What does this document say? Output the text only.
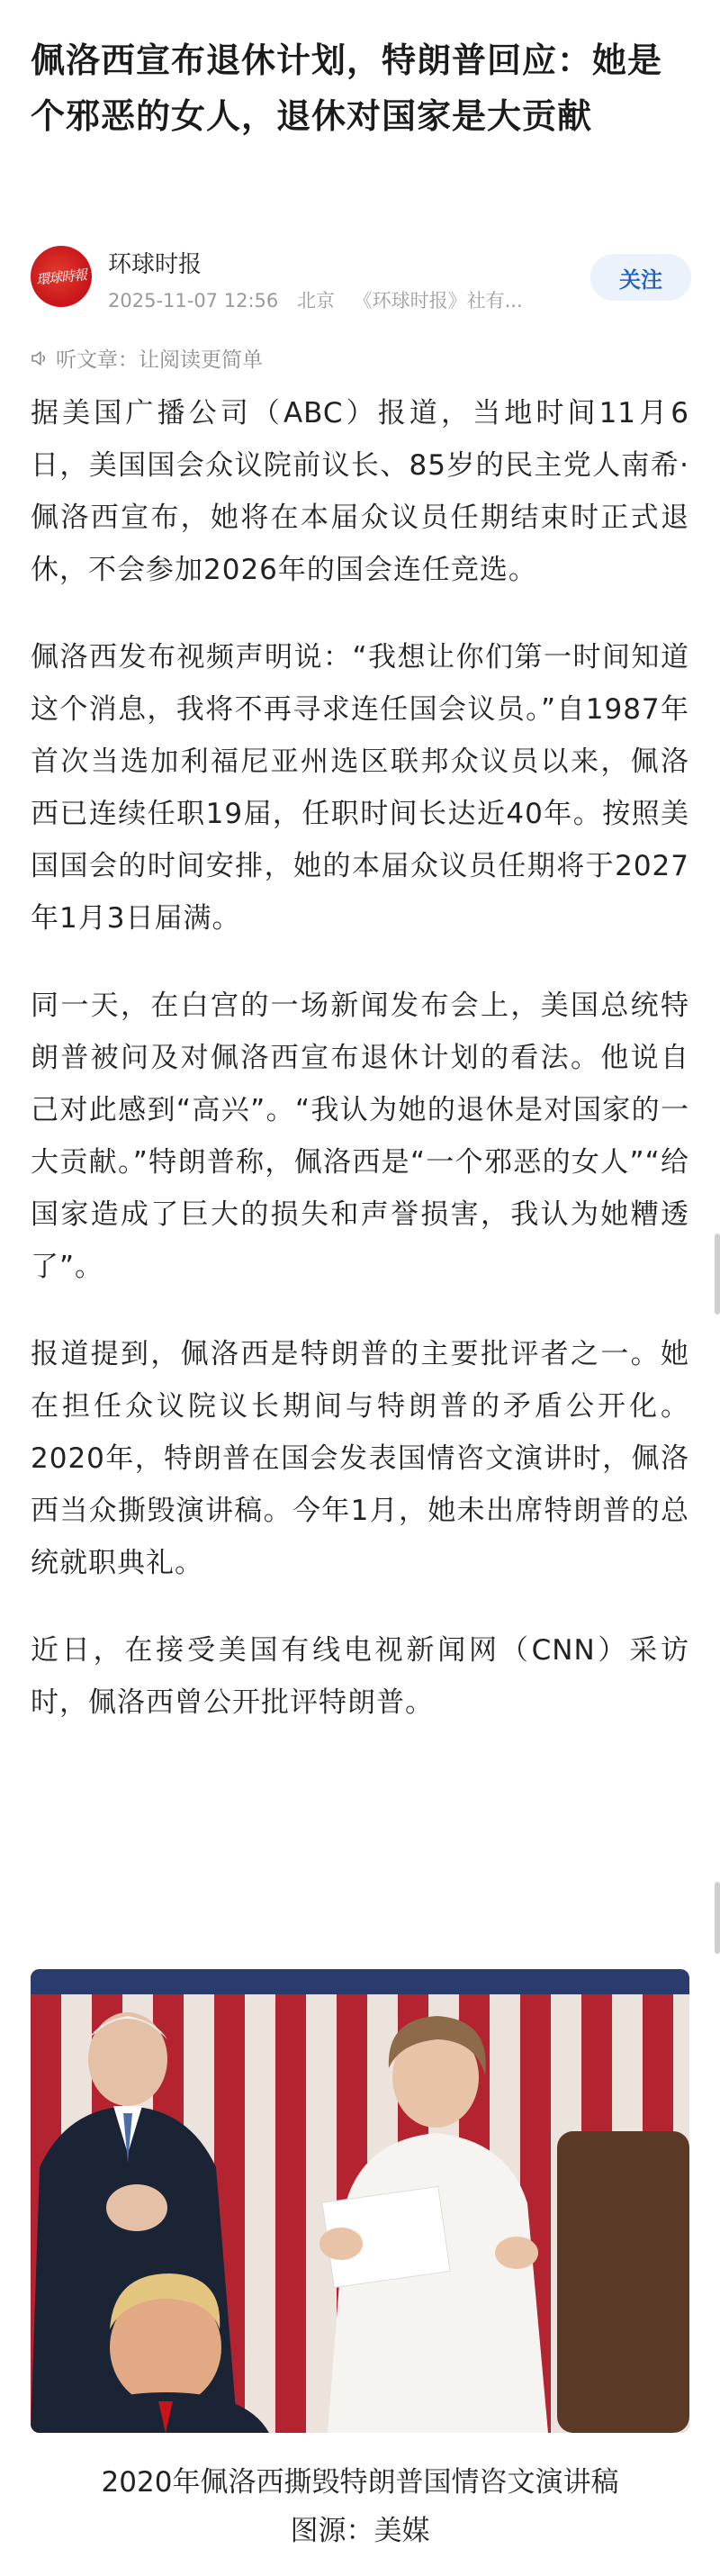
佩洛西宣布退休计划，特朗普回应：她是个邪恶的女人，退休对国家是大贡献
環球時報 环球时报
2025-11-07 12:56 北京 《环球时报》社有...
关注
听文章：让阅读更简单

据美国广播公司（ABC）报道，当地时间11月6日，美国国会众议院前议长、85岁的民主党人南希·佩洛西宣布，她将在本届众议员任期结束时正式退休，不会参加2026年的国会连任竞选。

佩洛西发布视频声明说：“我想让你们第一时间知道这个消息，我将不再寻求连任国会议员。”自1987年首次当选加利福尼亚州选区联邦众议员以来，佩洛西已连续任职19届，任职时间长达近40年。按照美国国会的时间安排，她的本届众议员任期将于2027年1月3日届满。

同一天，在白宫的一场新闻发布会上，美国总统特朗普被问及对佩洛西宣布退休计划的看法。他说自己对此感到“高兴”。“我认为她的退休是对国家的一大贡献。”特朗普称，佩洛西是“一个邪恶的女人”“给国家造成了巨大的损失和声誉损害，我认为她糟透了”。

报道提到，佩洛西是特朗普的主要批评者之一。她在担任众议院议长期间与特朗普的矛盾公开化。2020年，特朗普在国会发表国情咨文演讲时，佩洛西当众撕毁演讲稿。今年1月，她未出席特朗普的总统就职典礼。

近日，在接受美国有线电视新闻网（CNN）采访时，佩洛西曾公开批评特朗普。

2020年佩洛西撕毁特朗普国情咨文演讲稿
图源：美媒
